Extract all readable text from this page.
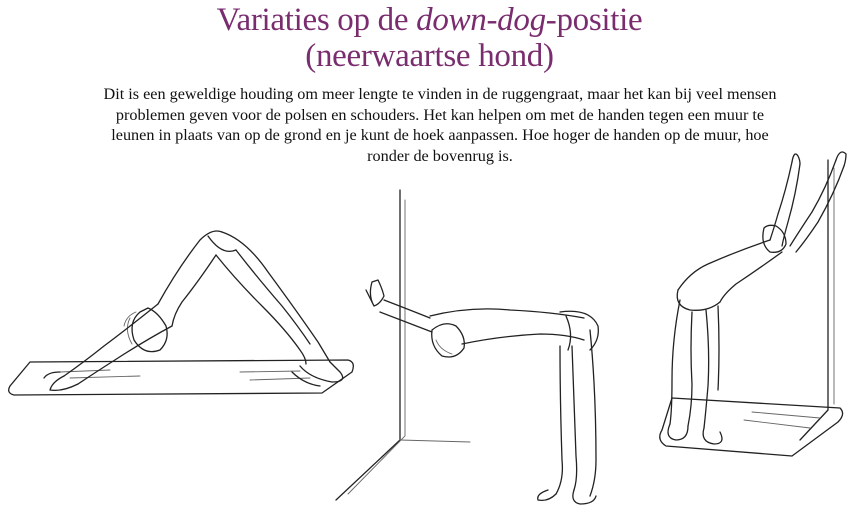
Variaties op de down-dog-positie
(neerwaartse hond)
Dit is een geweldige houding om meer lengte te vinden in de ruggengraat, maar het kan bij veel mensen problemen geven voor de polsen en schouders. Het kan helpen om met de handen tegen een muur te leunen in plaats van op de grond en je kunt de hoek aanpassen. Hoe hoger de handen op de muur, hoe ronder de bovenrug is.
